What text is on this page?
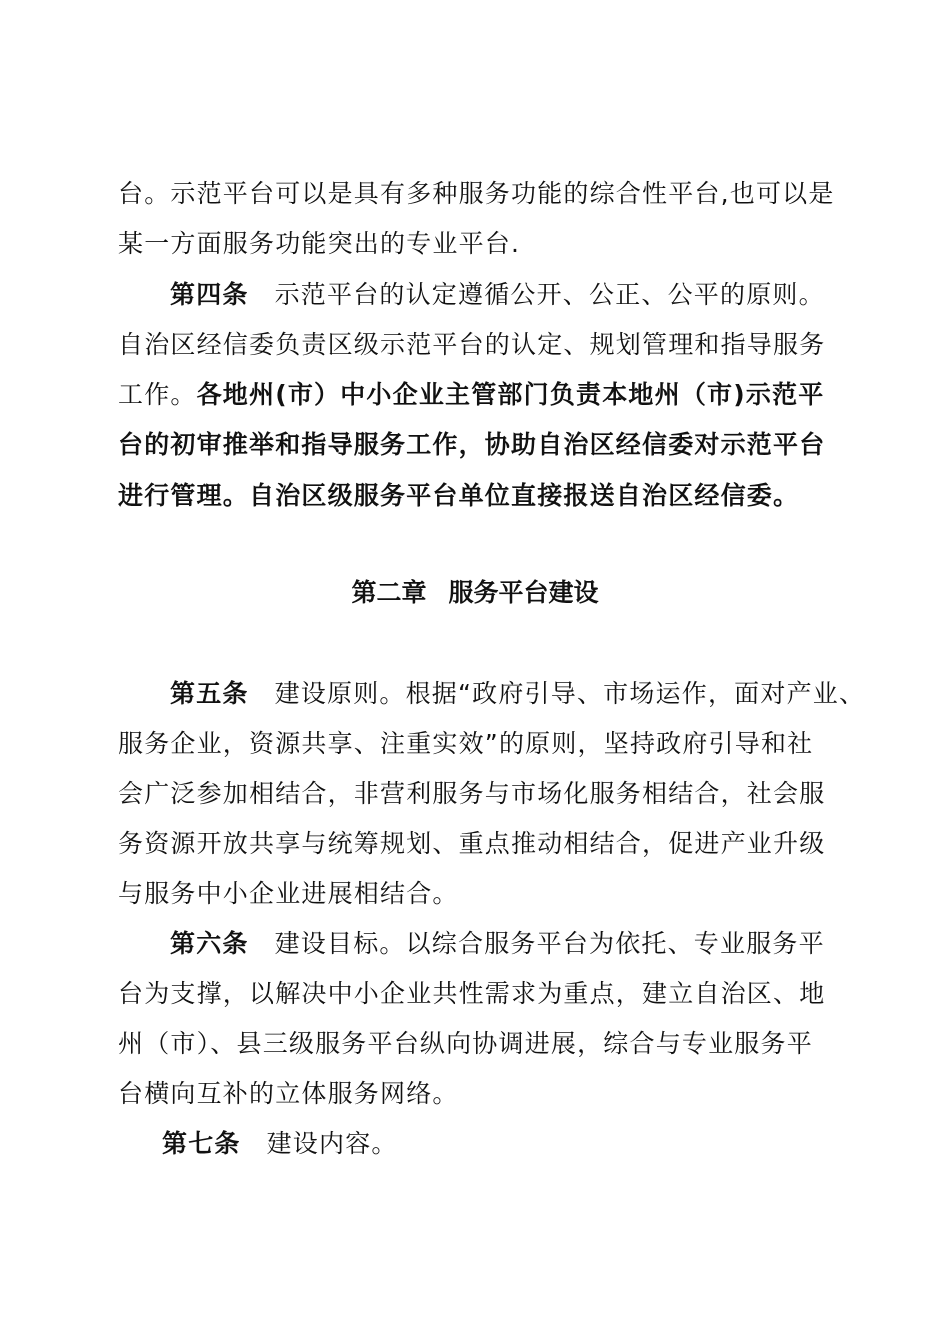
台。示范平台可以是具有多种服务功能的综合性平台,也可以是
某一方面服务功能突出的专业平台.
第四条 示范平台的认定遵循公开、公正、公平的原则。
自治区经信委负责区级示范平台的认定、规划管理和指导服务
工作。各地州(市）中小企业主管部门负责本地州（市)示范平
台的初审推举和指导服务工作，协助自治区经信委对示范平台
进行管理。自治区级服务平台单位直接报送自治区经信委。
第二章 服务平台建设
第五条 建设原则。根据“政府引导、市场运作，面对产业、
服务企业，资源共享、注重实效”的原则，坚持政府引导和社
会广泛参加相结合，非营利服务与市场化服务相结合，社会服
务资源开放共享与统筹规划、重点推动相结合，促进产业升级
与服务中小企业进展相结合。
第六条 建设目标。以综合服务平台为依托、专业服务平
台为支撑，以解决中小企业共性需求为重点，建立自治区、地
州（市）、县三级服务平台纵向协调进展，综合与专业服务平
台横向互补的立体服务网络。
第七条 建设内容。
